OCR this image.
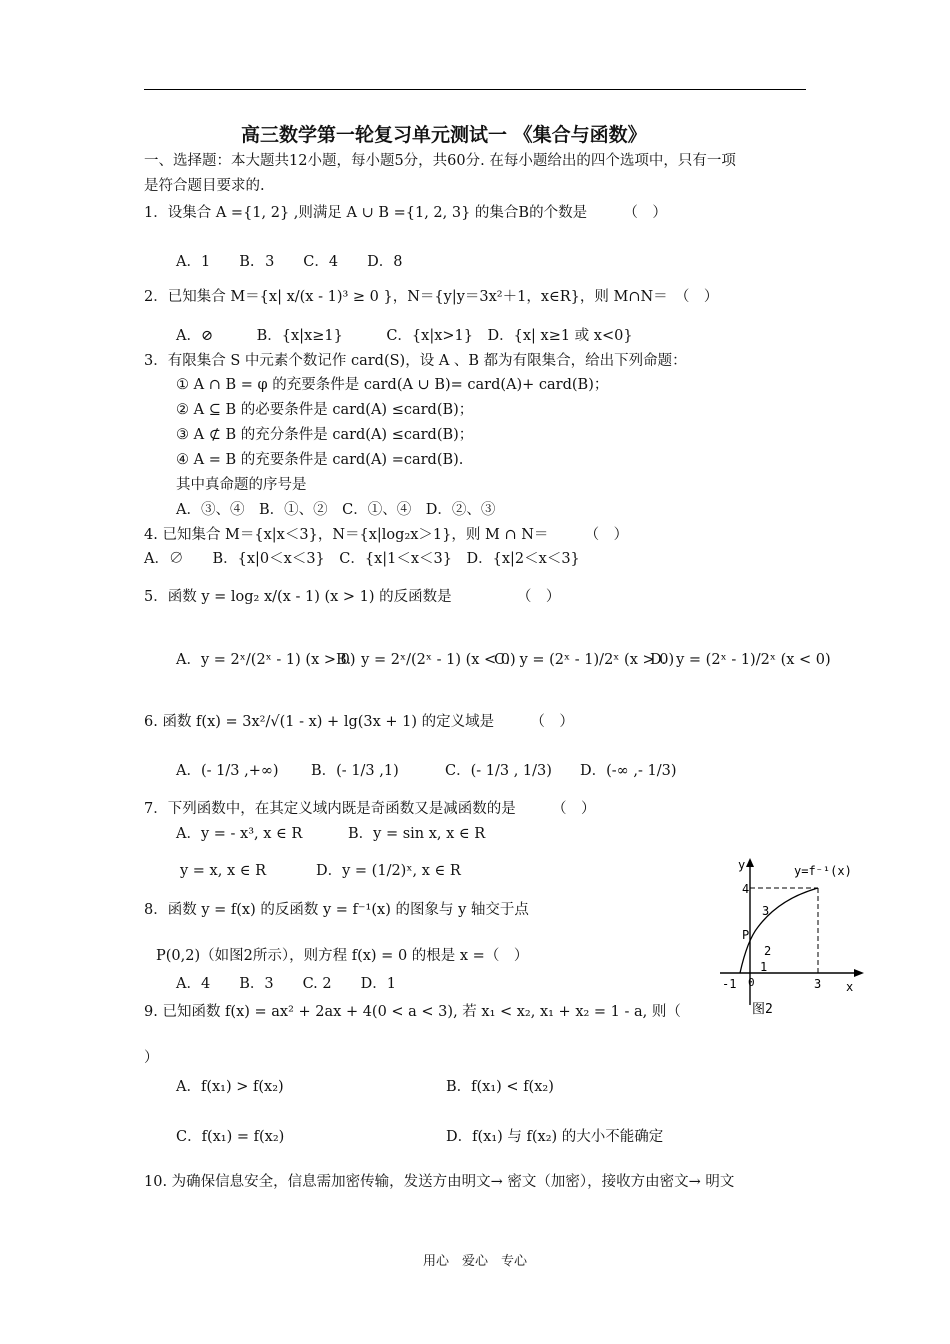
高三数学第一轮复习单元测试一 《集合与函数》
一、选择题：本大题共12小题，每小题5分，共60分. 在每小题给出的四个选项中，只有一项
是符合题目要求的.
1．设集合 A ={1, 2} ,则满足 A ∪ B ={1, 2, 3} 的集合B的个数是　　　（　）
A．1　　B. 3　　C．4　　D．8
2．已知集合 M＝{x| x/(x - 1)³ ≥ 0 }，N＝{y|y＝3x²＋1，x∈R}，则 M∩N＝　（　）
A．⊘　　　B．{x|x≥1}　　　C．{x|x>1}　D．{x| x≥1 或 x<0}
3．有限集合 S 中元素个数记作 card(S)，设 A 、B 都为有限集合，给出下列命题：
① A ∩ B = φ 的充要条件是 card(A ∪ B)= card(A)+ card(B)；
② A ⊆ B 的必要条件是 card(A) ≤card(B)；
③ A ⊄ B 的充分条件是 card(A) ≤card(B)；
④ A = B 的充要条件是 card(A) =card(B).
其中真命题的序号是
A．③、④　B．①、②　C．①、④　D．②、③
4. 已知集合 M＝{x|x＜3}，N＝{x|log₂x＞1}，则 M ∩ N＝　　　（　）
A．∅　　B．{x|0＜x＜3}　C．{x|1＜x＜3}　D．{x|2＜x＜3}
5．函数 y = log₂ x/(x - 1) (x > 1) 的反函数是　　　　　（　）
A．y = 2ˣ/(2ˣ - 1) (x > 0)
B．y = 2ˣ/(2ˣ - 1) (x < 0)
C．y = (2ˣ - 1)/2ˣ (x > 0)
D．y = (2ˣ - 1)/2ˣ (x < 0)
6. 函数 f(x) = 3x²/√(1 - x) + lg(3x + 1) 的定义域是　　　（　）
A．(- 1/3 ,+∞) B．(- 1/3 ,1)	C．(- 1/3 , 1/3) D．(-∞ ,- 1/3)
7．下列函数中，在其定义域内既是奇函数又是减函数的是　　　（　）
A．y = - x³, x ∈ R	B．y = sin x, x ∈ R
y = x, x ∈ R	D．y = (1/2)ˣ, x ∈ R
8．函数 y = f(x) 的反函数 y = f⁻¹(x) 的图象与 y 轴交于点
P(0,2)（如图2所示），则方程 f(x) = 0 的根是 x =（　）
A．4　　B．3　　C. 2　　D．1
9. 已知函数 f(x) = ax² + 2ax + 4(0 < a < 3), 若 x₁ < x₂, x₁ + x₂ = 1 - a, 则（
）
A．f(x₁) > f(x₂)	B．f(x₁) < f(x₂)
C．f(x₁) = f(x₂)	D．f(x₁) 与 f(x₂) 的大小不能确定
10. 为确保信息安全，信息需加密传输，发送方由明文→ 密文（加密），接收方由密文→ 明文
y
x
y=f⁻¹(x)
4
3
2
1
P
-1 0	3
图2
用心　爱心　专心
